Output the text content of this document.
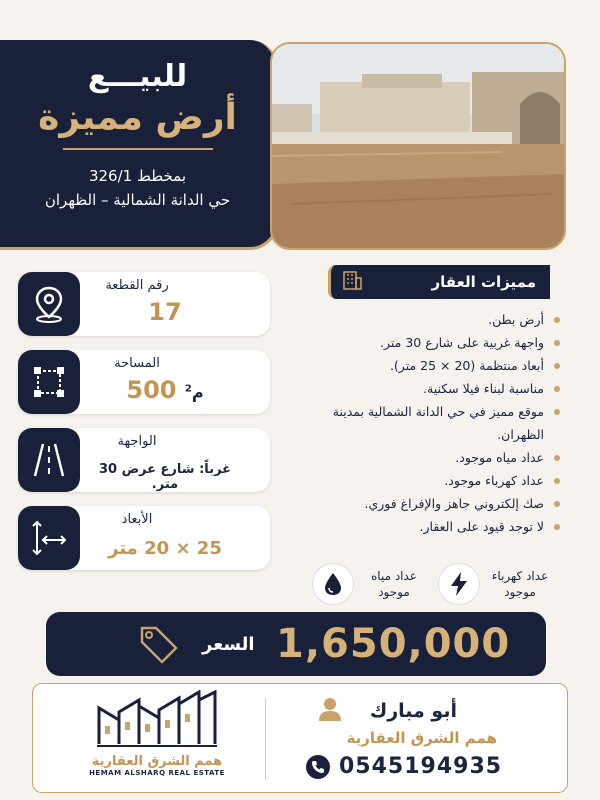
للبيـــع
أرض مميزة
بمخطط 326/1
حي الدانة الشمالية – الظهران
رقم القطعة
17
المساحة
500 $^2$م
الواجهة
غرباً: شارع عرض 30 متر.
الأبعاد
25 × 20 متر
مميزات العقار
أرض بطن.
واجهة غربية على شارع 30 متر.
أبعاد منتظمة (20 × 25 متر).
مناسبة لبناء فيلا سكنية.
موقع مميز في حي الدانة الشمالية بمدينة الظهران.
عداد مياه موجود.
عداد كهرباء موجود.
صك إلكتروني جاهز والإفراغ فوري.
لا توجد قيود على العقار.
عداد كهرباء موجود
عداد مياه موجود
السعر 1,650,000
همم الشرق العقارية
HEMAM ALSHARQ REAL ESTATE
أبو مبارك
همم الشرق العقارية
0545194935
